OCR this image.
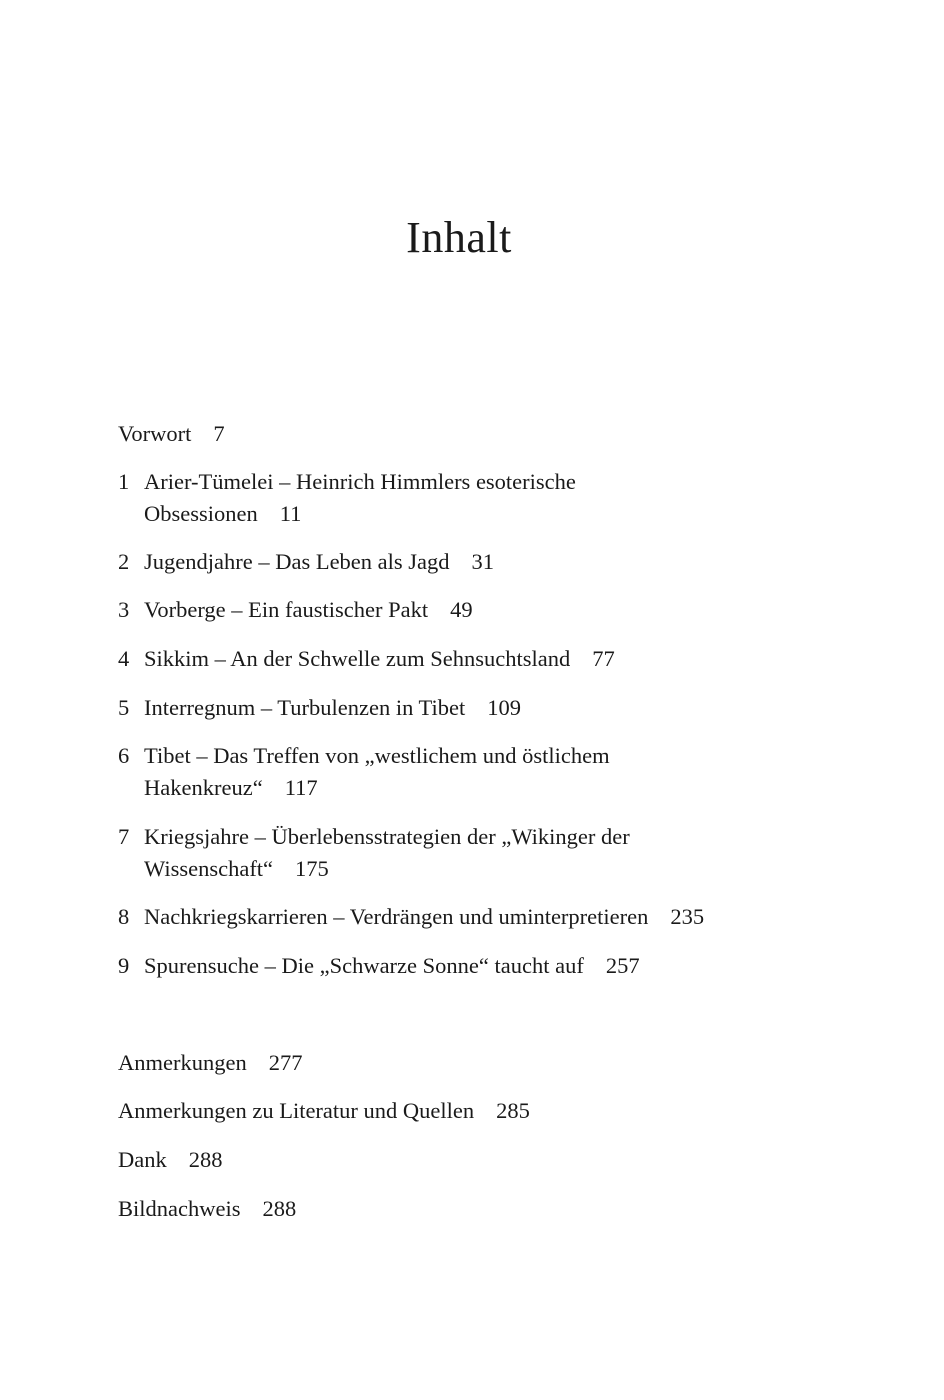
Inhalt
Vorwort 7
1 Arier-Tümelei – Heinrich Himmlers esoterische
Obsessionen 11
2 Jugendjahre – Das Leben als Jagd 31
3 Vorberge – Ein faustischer Pakt 49
4 Sikkim – An der Schwelle zum Sehnsuchtsland 77
5 Interregnum – Turbulenzen in Tibet 109
6 Tibet – Das Treffen von „westlichem und östlichem
Hakenkreuz“ 117
7 Kriegsjahre – Überlebensstrategien der „Wikinger der
Wissenschaft“ 175
8 Nachkriegskarrieren – Verdrängen und uminterpretieren 235
9 Spurensuche – Die „Schwarze Sonne“ taucht auf 257
Anmerkungen 277
Anmerkungen zu Literatur und Quellen 285
Dank 288
Bildnachweis 288
